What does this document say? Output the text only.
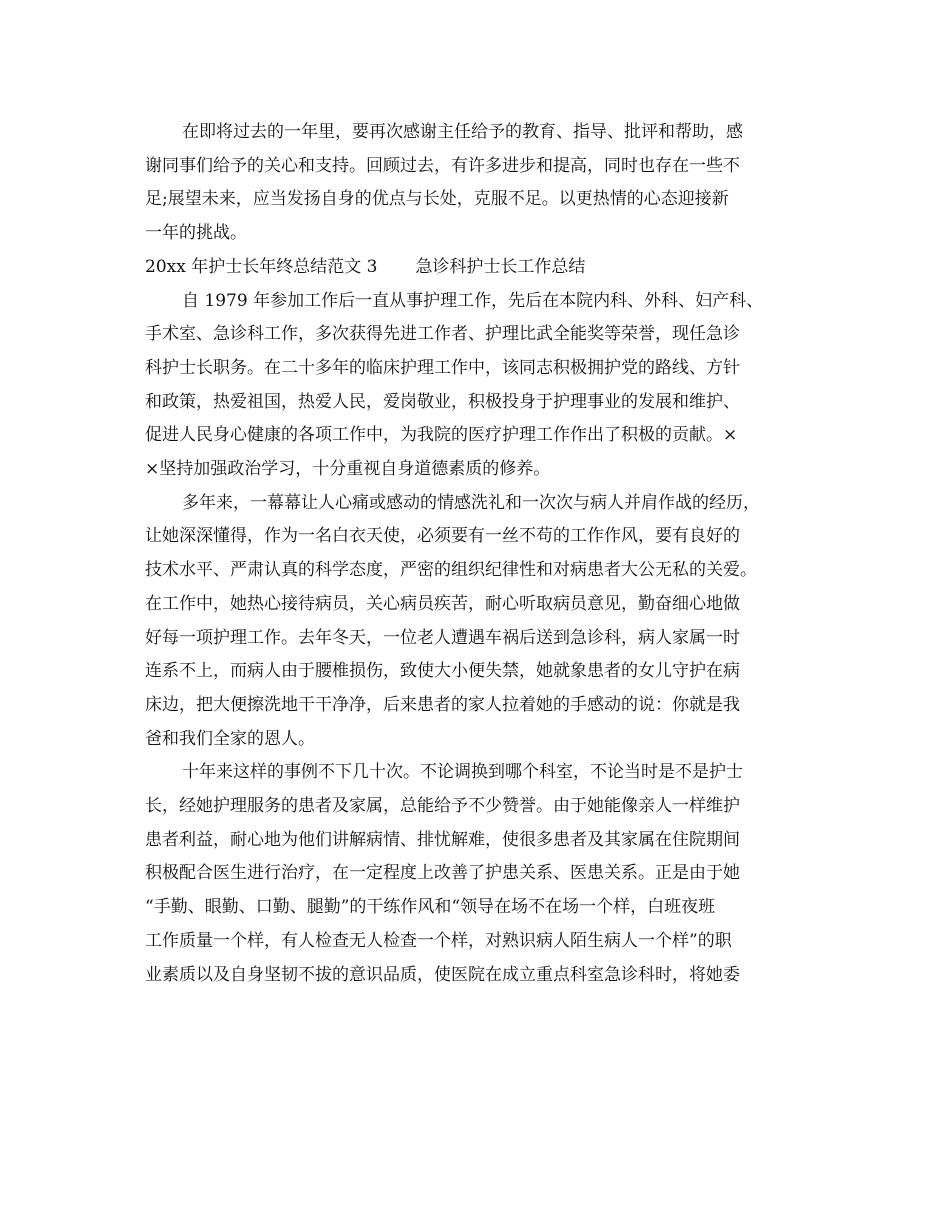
在即将过去的一年里，要再次感谢主任给予的教育、指导、批评和帮助，感
谢同事们给予的关心和支持。回顾过去，有许多进步和提高，同时也存在一些不
足;展望未来，应当发扬自身的优点与长处，克服不足。以更热情的心态迎接新
一年的挑战。

20xx 年护士长年终总结范文 3 急诊科护士长工作总结

自 1979 年参加工作后一直从事护理工作，先后在本院内科、外科、妇产科、
手术室、急诊科工作，多次获得先进工作者、护理比武全能奖等荣誉，现任急诊
科护士长职务。在二十多年的临床护理工作中，该同志积极拥护党的路线、方针
和政策，热爱祖国，热爱人民，爱岗敬业，积极投身于护理事业的发展和维护、
促进人民身心健康的各项工作中，为我院的医疗护理工作作出了积极的贡献。×
×坚持加强政治学习，十分重视自身道德素质的修养。

多年来，一幕幕让人心痛或感动的情感洗礼和一次次与病人并肩作战的经历，
让她深深懂得，作为一名白衣天使，必须要有一丝不苟的工作作风，要有良好的
技术水平、严肃认真的科学态度，严密的组织纪律性和对病患者大公无私的关爱。
在工作中，她热心接待病员，关心病员疾苦，耐心听取病员意见，勤奋细心地做
好每一项护理工作。去年冬天，一位老人遭遇车祸后送到急诊科，病人家属一时
连系不上，而病人由于腰椎损伤，致使大小便失禁，她就象患者的女儿守护在病
床边，把大便擦洗地干干净净，后来患者的家人拉着她的手感动的说：你就是我
爸和我们全家的恩人。

十年来这样的事例不下几十次。不论调换到哪个科室，不论当时是不是护士
长，经她护理服务的患者及家属，总能给予不少赞誉。由于她能像亲人一样维护
患者利益，耐心地为他们讲解病情、排忧解难，使很多患者及其家属在住院期间
积极配合医生进行治疗，在一定程度上改善了护患关系、医患关系。正是由于她
“手勤、眼勤、口勤、腿勤”的干练作风和“领导在场不在场一个样，白班夜班
工作质量一个样，有人检查无人检查一个样，对熟识病人陌生病人一个样”的职
业素质以及自身坚韧不拔的意识品质，使医院在成立重点科室急诊科时，将她委
